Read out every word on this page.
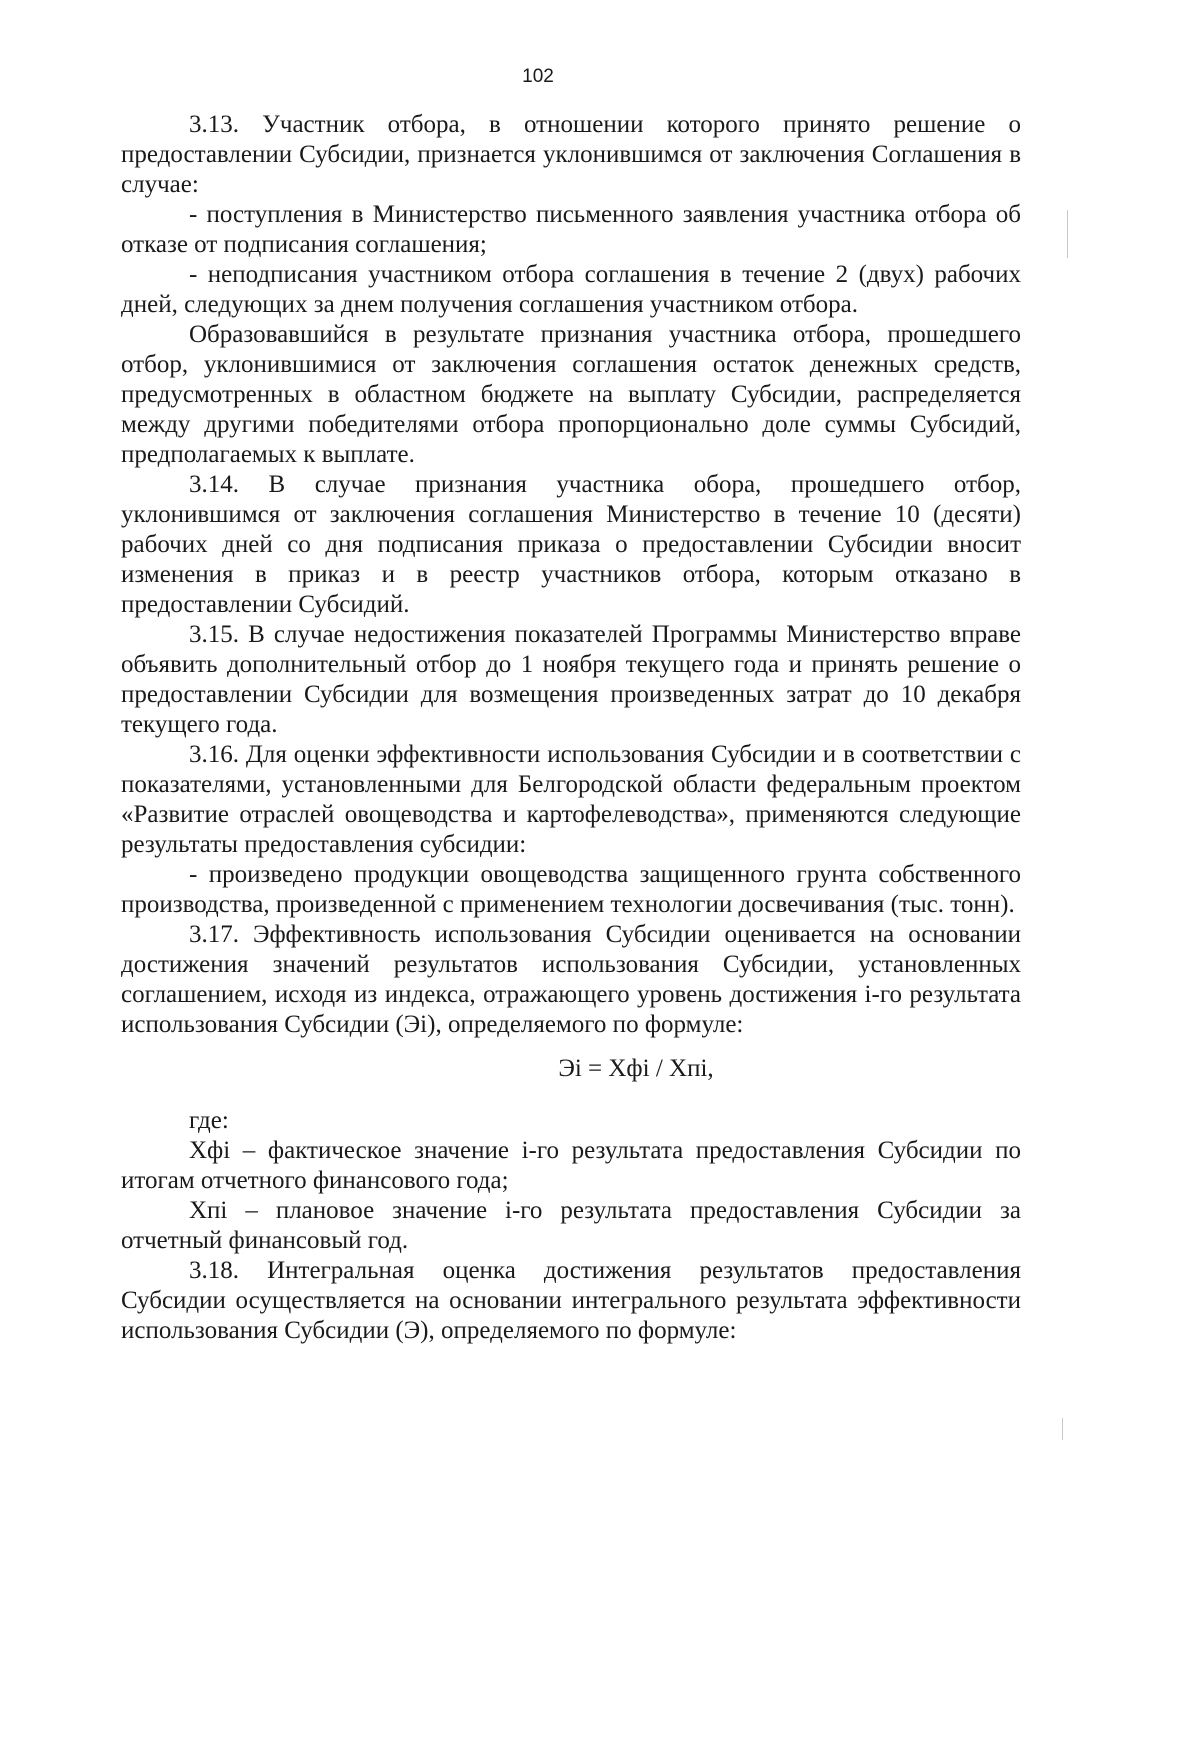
102

3.13. Участник отбора, в отношении которого принято решение о предоставлении Субсидии, признается уклонившимся от заключения Соглашения в случае:

- поступления в Министерство письменного заявления участника отбора об отказе от подписания соглашения;

- неподписания участником отбора соглашения в течение 2 (двух) рабочих дней, следующих за днем получения соглашения участником отбора.

Образовавшийся в результате признания участника отбора, прошедшего отбор, уклонившимися от заключения соглашения остаток денежных средств, предусмотренных в областном бюджете на выплату Субсидии, распределяется между другими победителями отбора пропорционально доле суммы Субсидий, предполагаемых к выплате.

3.14. В случае признания участника обора, прошедшего отбор, уклонившимся от заключения соглашения Министерство в течение 10 (десяти) рабочих дней со дня подписания приказа о предоставлении Субсидии вносит изменения в приказ и в реестр участников отбора, которым отказано в предоставлении Субсидий.

3.15. В случае недостижения показателей Программы Министерство вправе объявить дополнительный отбор до 1 ноября текущего года и принять решение о предоставлении Субсидии для возмещения произведенных затрат до 10 декабря текущего года.

3.16. Для оценки эффективности использования Субсидии и в соответствии с показателями, установленными для Белгородской области федеральным проектом «Развитие отраслей овощеводства и картофелеводства», применяются следующие результаты предоставления субсидии:

- произведено продукции овощеводства защищенного грунта собственного производства, произведенной с применением технологии досвечивания (тыс. тонн).

3.17. Эффективность использования Субсидии оценивается на основании достижения значений результатов использования Субсидии, установленных соглашением, исходя из индекса, отражающего уровень достижения i-го результата использования Субсидии (Эi), определяемого по формуле:

Эi = Xфi / Xпi,

где:

Xфi – фактическое значение i-го результата предоставления Субсидии по итогам отчетного финансового года;

Xпi – плановое значение i-го результата предоставления Субсидии за отчетный финансовый год.

3.18. Интегральная оценка достижения результатов предоставления Субсидии осуществляется на основании интегрального результата эффективности использования Субсидии (Э), определяемого по формуле:
